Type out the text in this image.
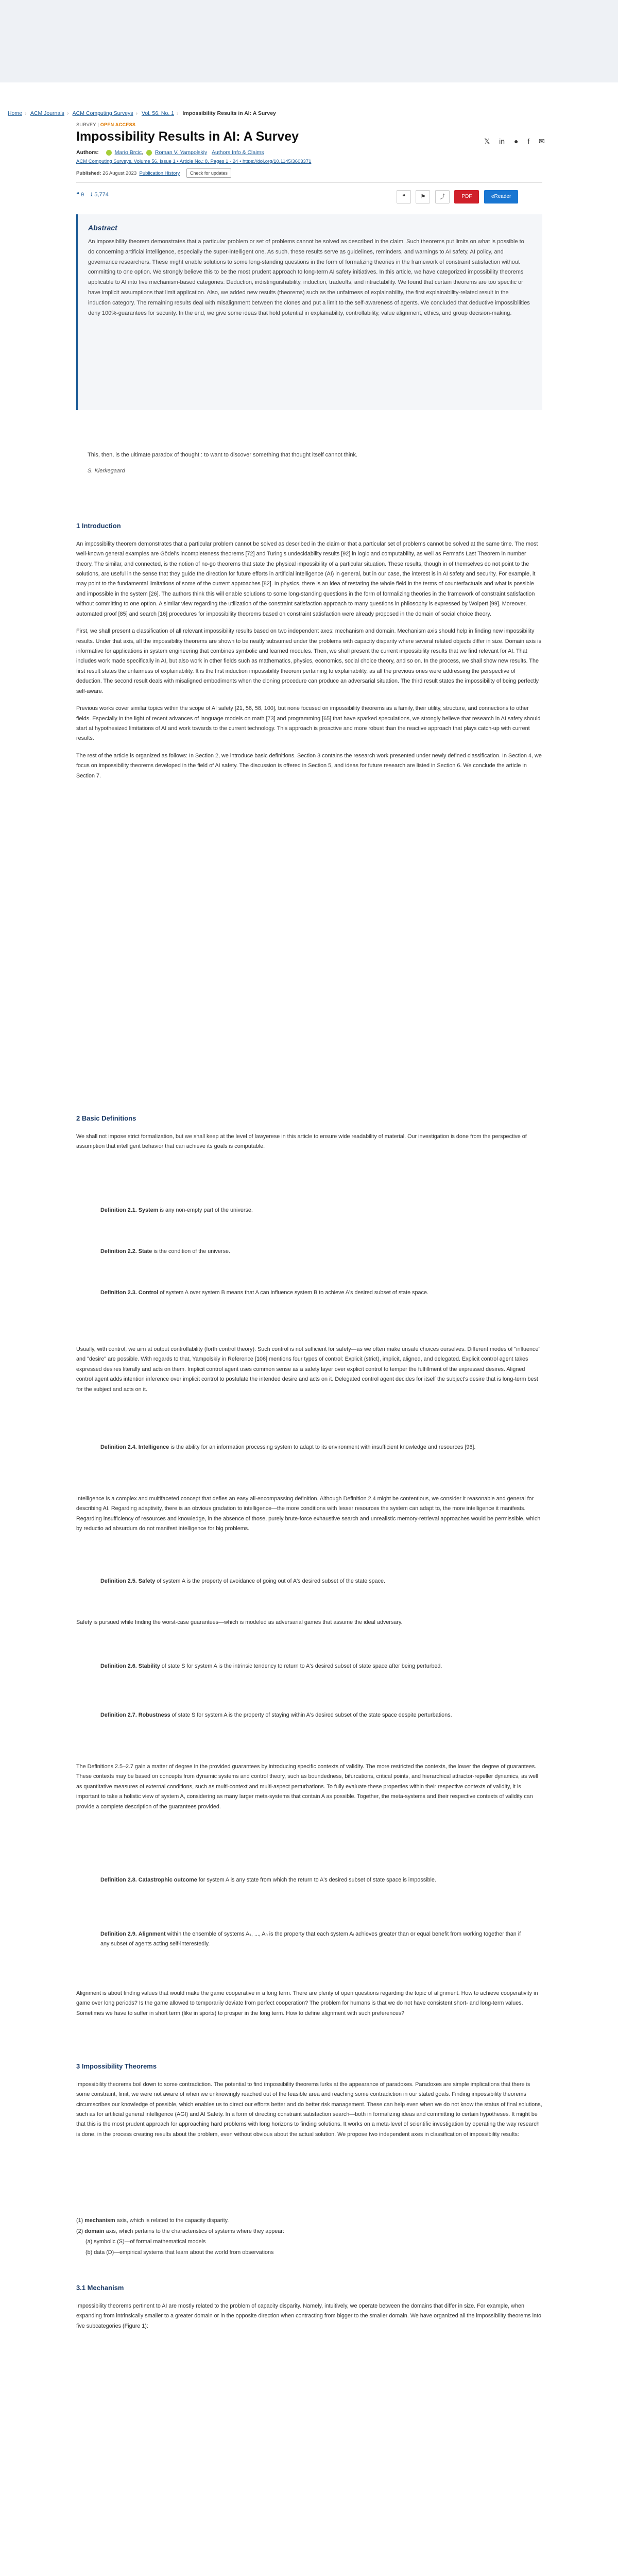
Home › ACM Journals › ACM Computing Surveys › Vol. 56, No. 1 › Impossibility Results in AI: A Survey
SURVEY | OPEN ACCESS
Impossibility Results in AI: A Survey	𝕏 in ● f ✉
Authors:	Mario Brcic,  Roman V. Yampolskiy Authors Info & Claims
ACM Computing Surveys, Volume 56, Issue 1 • Article No.: 8, Pages 1 - 24 • https://doi.org/10.1145/3603371
Published: 26 August 2023 Publication History Check for updates
❝ 9 ⤓ 5,774	❝	⚑ ⤴	PDF	eReader
Abstract

An impossibility theorem demonstrates that a particular problem or set of problems cannot be solved as described in the claim. Such theorems put limits on what is possible to do concerning artificial intelligence, especially the super-intelligent one. As such, these results serve as guidelines, reminders, and warnings to AI safety, AI policy, and governance researchers. These might enable solutions to some long-standing questions in the form of formalizing theories in the framework of constraint satisfaction without committing to one option. We strongly believe this to be the most prudent approach to long-term AI safety initiatives. In this article, we have categorized impossibility theorems applicable to AI into five mechanism-based categories: Deduction, indistinguishability, induction, tradeoffs, and intractability. We found that certain theorems are too specific or have implicit assumptions that limit application. Also, we added new results (theorems) such as the unfairness of explainability, the first explainability-related result in the induction category. The remaining results deal with misalignment between the clones and put a limit to the self-awareness of agents. We concluded that deductive impossibilities deny 100%-guarantees for security. In the end, we give some ideas that hold potential in explainability, controllability, value alignment, ethics, and group decision-making.

This, then, is the ultimate paradox of thought : to want to discover something that thought itself cannot think.
S. Kierkegaard
1 Introduction

An impossibility theorem demonstrates that a particular problem cannot be solved as described in the claim or that a particular set of problems cannot be solved at the same time. The most well-known general examples are Gödel's incompleteness theorems [72] and Turing's undecidability results [92] in logic and computability, as well as Fermat's Last Theorem in number theory. The similar, and connected, is the notion of no-go theorems that state the physical impossibility of a particular situation. These results, though in of themselves do not point to the solutions, are useful in the sense that they guide the direction for future efforts in artificial intelligence (AI) in general, but in our case, the interest is in AI safety and security. For example, it may point to the fundamental limitations of some of the current approaches [82]. In physics, there is an idea of restating the whole field in the terms of counterfactuals and what is possible and impossible in the system [26]. The authors think this will enable solutions to some long-standing questions in the form of formalizing theories in the framework of constraint satisfaction without committing to one option. A similar view regarding the utilization of the constraint satisfaction approach to many questions in philosophy is expressed by Wolpert [99]. Moreover, automated proof [85] and search [16] procedures for impossibility theorems based on constraint satisfaction were already proposed in the domain of social choice theory.

First, we shall present a classification of all relevant impossibility results based on two independent axes: mechanism and domain. Mechanism axis should help in finding new impossibility results. Under that axis, all the impossibility theorems are shown to be neatly subsumed under the problems with capacity disparity where several related objects differ in size. Domain axis is informative for applications in system engineering that combines symbolic and learned modules. Then, we shall present the current impossibility results that we find relevant for AI. That includes work made specifically in AI, but also work in other fields such as mathematics, physics, economics, social choice theory, and so on. In the process, we shall show new results. The first result states the unfairness of explainability. It is the first induction impossibility theorem pertaining to explainability, as all the previous ones were addressing the perspective of deduction. The second result deals with misaligned embodiments when the cloning procedure can produce an adversarial situation. The third result states the impossibility of being perfectly self-aware.

Previous works cover similar topics within the scope of AI safety [21, 56, 58, 100], but none focused on impossibility theorems as a family, their utility, structure, and connections to other fields. Especially in the light of recent advances of language models on math [73] and programming [65] that have sparked speculations, we strongly believe that research in AI safety should start at hypothesized limitations of AI and work towards to the current technology. This approach is proactive and more robust than the reactive approach that plays catch-up with current results.

The rest of the article is organized as follows: In Section 2, we introduce basic definitions. Section 3 contains the research work presented under newly defined classification. In Section 4, we focus on impossibility theorems developed in the field of AI safety. The discussion is offered in Section 5, and ideas for future research are listed in Section 6. We conclude the article in Section 7.

2 Basic Definitions

We shall not impose strict formalization, but we shall keep at the level of lawyerese in this article to ensure wide readability of material. Our investigation is done from the perspective of assumption that intelligent behavior that can achieve its goals is computable.

Definition 2.1. System is any non-empty part of the universe.
Definition 2.2. State is the condition of the universe.
Definition 2.3. Control of system A over system B means that A can influence system B to achieve A's desired subset of state space.
Usually, with control, we aim at output controllability (forth control theory). Such control is not sufficient for safety—as we often make unsafe choices ourselves. Different modes of "influence" and "desire" are possible. With regards to that, Yampolskiy in Reference [106] mentions four types of control: Explicit (strict), implicit, aligned, and delegated. Explicit control agent takes expressed desires literally and acts on them. Implicit control agent uses common sense as a safety layer over explicit control to temper the fulfillment of the expressed desires. Aligned control agent adds intention inference over implicit control to postulate the intended desire and acts on it. Delegated control agent decides for itself the subject's desire that is long-term best for the subject and acts on it.
Definition 2.4. Intelligence is the ability for an information processing system to adapt to its environment with insufficient knowledge and resources [96].
Intelligence is a complex and multifaceted concept that defies an easy all-encompassing definition. Although Definition 2.4 might be contentious, we consider it reasonable and general for describing AI. Regarding adaptivity, there is an obvious gradation to intelligence—the more conditions with lesser resources the system can adapt to, the more intelligence it manifests. Regarding insufficiency of resources and knowledge, in the absence of those, purely brute-force exhaustive search and unrealistic memory-retrieval approaches would be permissible, which by reductio ad absurdum do not manifest intelligence for big problems.
Definition 2.5. Safety of system A is the property of avoidance of going out of A's desired subset of the state space.
Safety is pursued while finding the worst-case guarantees—which is modeled as adversarial games that assume the ideal adversary.
Definition 2.6. Stability of state S for system A is the intrinsic tendency to return to A's desired subset of state space after being perturbed.
Definition 2.7. Robustness of state S for system A is the property of staying within A's desired subset of the state space despite perturbations.
The Definitions 2.5–2.7 gain a matter of degree in the provided guarantees by introducing specific contexts of validity. The more restricted the contexts, the lower the degree of guarantees. These contexts may be based on concepts from dynamic systems and control theory, such as boundedness, bifurcations, critical points, and hierarchical attractor-repeller dynamics, as well as quantitative measures of external conditions, such as multi-context and multi-aspect perturbations. To fully evaluate these properties within their respective contexts of validity, it is important to take a holistic view of system A, considering as many larger meta-systems that contain A as possible. Together, the meta-systems and their respective contexts of validity can provide a complete description of the guarantees provided.
Definition 2.8. Catastrophic outcome for system A is any state from which the return to A's desired subset of state space is impossible.
Definition 2.9. Alignment within the ensemble of systems A₁, ..., Aₙ is the property that each system Aᵢ achieves greater than or equal benefit from working together than if any subset of agents acting self-interestedly.
Alignment is about finding values that would make the game cooperative in a long term. There are plenty of open questions regarding the topic of alignment. How to achieve cooperativity in game over long periods? Is the game allowed to temporarily deviate from perfect cooperation? The problem for humans is that we do not have consistent short- and long-term values. Sometimes we have to suffer in short term (like in sports) to prosper in the long term. How to define alignment with such preferences?
3 Impossibility Theorems

Impossibility theorems boil down to some contradiction. The potential to find impossibility theorems lurks at the appearance of paradoxes. Paradoxes are simple implications that there is some constraint, limit, we were not aware of when we unknowingly reached out of the feasible area and reaching some contradiction in our stated goals. Finding impossibility theorems circumscribes our knowledge of possible, which enables us to direct our efforts better and do better risk management. These can help even when we do not know the status of final solutions, such as for artificial general intelligence (AGI) and AI Safety. In a form of directing constraint satisfaction search—both in formalizing ideas and committing to certain hypotheses. It might be that this is the most prudent approach for approaching hard problems with long horizons to finding solutions. It works on a meta-level of scientific investigation by operating the way research is done, in the process creating results about the problem, even without obvious about the actual solution. We propose two independent axes in classification of impossibility results:

(1) mechanism axis, which is related to the capacity disparity.
(2) domain axis, which pertains to the characteristics of systems where they appear:
(a) symbolic (S)—of formal mathematical models
(b) data (D)—empirical systems that learn about the world from observations
3.1 Mechanism

Impossibility theorems pertinent to AI are mostly related to the problem of capacity disparity. Namely, intuitively, we operate between the domains that differ in size. For example, when expanding from intrinsically smaller to a greater domain or in the opposite direction when contracting from bigger to the smaller domain. We have organized all the impossibility theorems into five subcategories (Figure 1):
